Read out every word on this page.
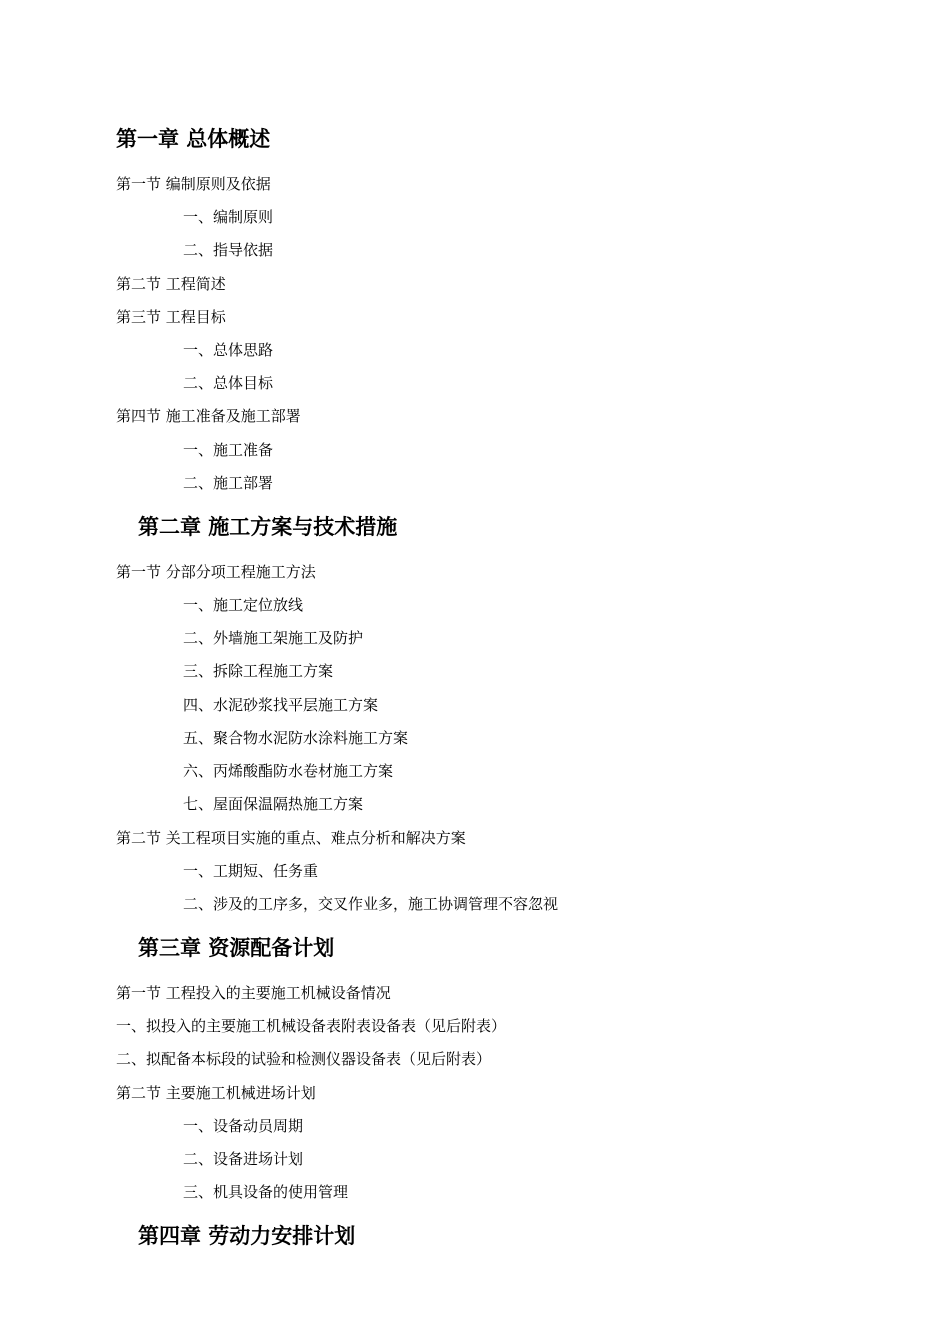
第一章 总体概述
第一节 编制原则及依据
一、编制原则
二、指导依据
第二节 工程简述
第三节 工程目标
一、总体思路
二、总体目标
第四节 施工准备及施工部署
一、施工准备
二、施工部署
第二章 施工方案与技术措施
第一节 分部分项工程施工方法
一、施工定位放线
二、外墙施工架施工及防护
三、拆除工程施工方案
四、水泥砂浆找平层施工方案
五、聚合物水泥防水涂料施工方案
六、丙烯酸酯防水卷材施工方案
七、屋面保温隔热施工方案
第二节 关工程项目实施的重点、难点分析和解决方案
一、工期短、任务重
二、涉及的工序多，交叉作业多，施工协调管理不容忽视
第三章 资源配备计划
第一节 工程投入的主要施工机械设备情况
一、拟投入的主要施工机械设备表附表设备表（见后附表）
二、拟配备本标段的试验和检测仪器设备表（见后附表）
第二节 主要施工机械进场计划
一、设备动员周期
二、设备进场计划
三、机具设备的使用管理
第四章 劳动力安排计划
